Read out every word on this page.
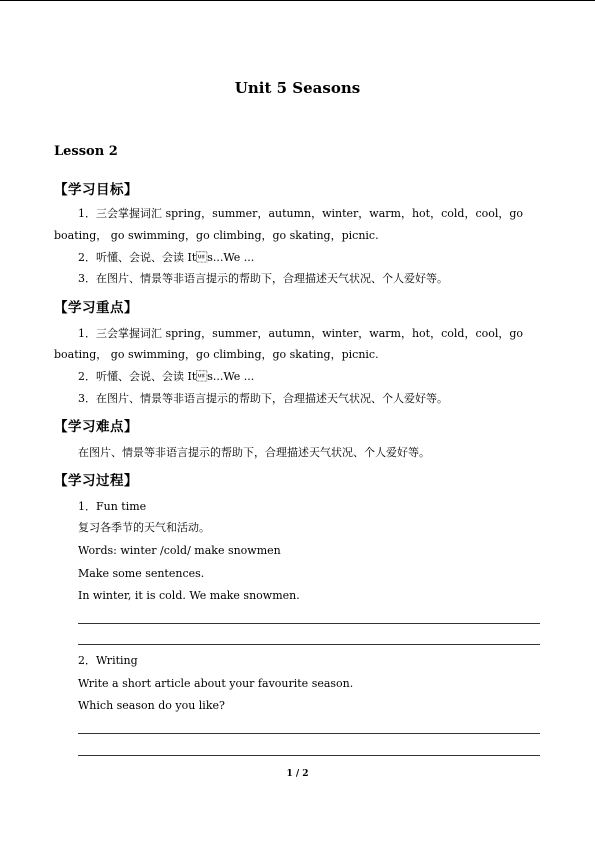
Unit 5 Seasons
Lesson 2
【学习目标】
1．三会掌握词汇 spring，summer，autumn，winter，warm，hot，cold，cool，go
boating， go swimming，go climbing，go skating，picnic.
2．听懂、会说、会读 Its...We ...
3．在图片、情景等非语言提示的帮助下，合理描述天气状况、个人爱好等。
【学习重点】
1．三会掌握词汇 spring，summer，autumn，winter，warm，hot，cold，cool，go
boating， go swimming，go climbing，go skating，picnic.
2．听懂、会说、会读 Its...We ...
3．在图片、情景等非语言提示的帮助下，合理描述天气状况、个人爱好等。
【学习难点】
在图片、情景等非语言提示的帮助下，合理描述天气状况、个人爱好等。
【学习过程】
1．Fun time
复习各季节的天气和活动。
Words: winter /cold/ make snowmen
Make some sentences.
In winter, it is cold. We make snowmen.
2．Writing
Write a short article about your favourite season.
Which season do you like?
1 / 2
